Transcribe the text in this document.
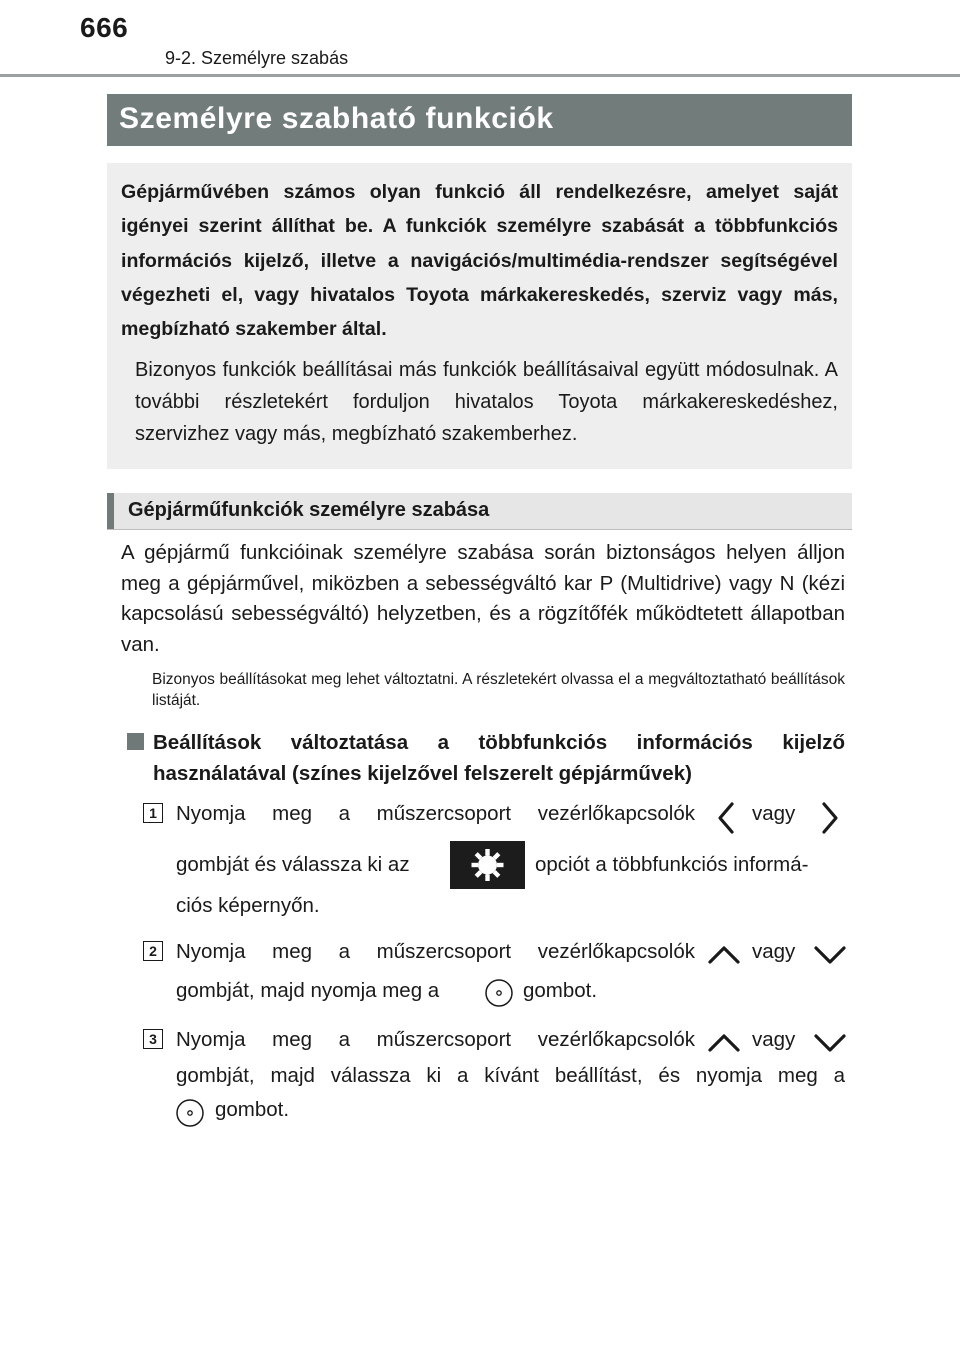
666
9-2. Személyre szabás
Személyre szabható funkciók
Gépjárművében számos olyan funkció áll rendelkezésre, amelyet saját igényei szerint állíthat be. A funkciók személyre szabását a többfunkciós információs kijelző, illetve a navigációs/multimédia-rendszer segítségével végezheti el, vagy hivatalos Toyota márkakereskedés, szerviz vagy más, megbízható szakember által.
Bizonyos funkciók beállításai más funkciók beállításaival együtt módosulnak. A további részletekért forduljon hivatalos Toyota márkakereskedéshez, szervizhez vagy más, megbízható szakemberhez.
Gépjárműfunkciók személyre szabása
A gépjármű funkcióinak személyre szabása során biztonságos helyen álljon meg a gépjárművel, miközben a sebességváltó kar P (Multidrive) vagy N (kézi kapcsolású sebességváltó) helyzetben, és a rögzítőfék működtetett állapotban van.
Bizonyos beállításokat meg lehet változtatni. A részletekért olvassa el a megváltoztatható beállítások listáját.
Beállítások változtatása a többfunkciós információs kijelző használatával (színes kijelzővel felszerelt gépjárművek)
1 Nyomja meg a műszercsoport vezérlőkapcsolók	vagy
gombját és válassza ki az	opciót a többfunkciós informá-
ciós képernyőn.
2 Nyomja meg a műszercsoport vezérlőkapcsolók	vagy
gombját, majd nyomja meg a	gombot.
3 Nyomja meg a műszercsoport vezérlőkapcsolók	vagy
gombját, majd válassza ki a kívánt beállítást, és nyomja meg a
gombot.
